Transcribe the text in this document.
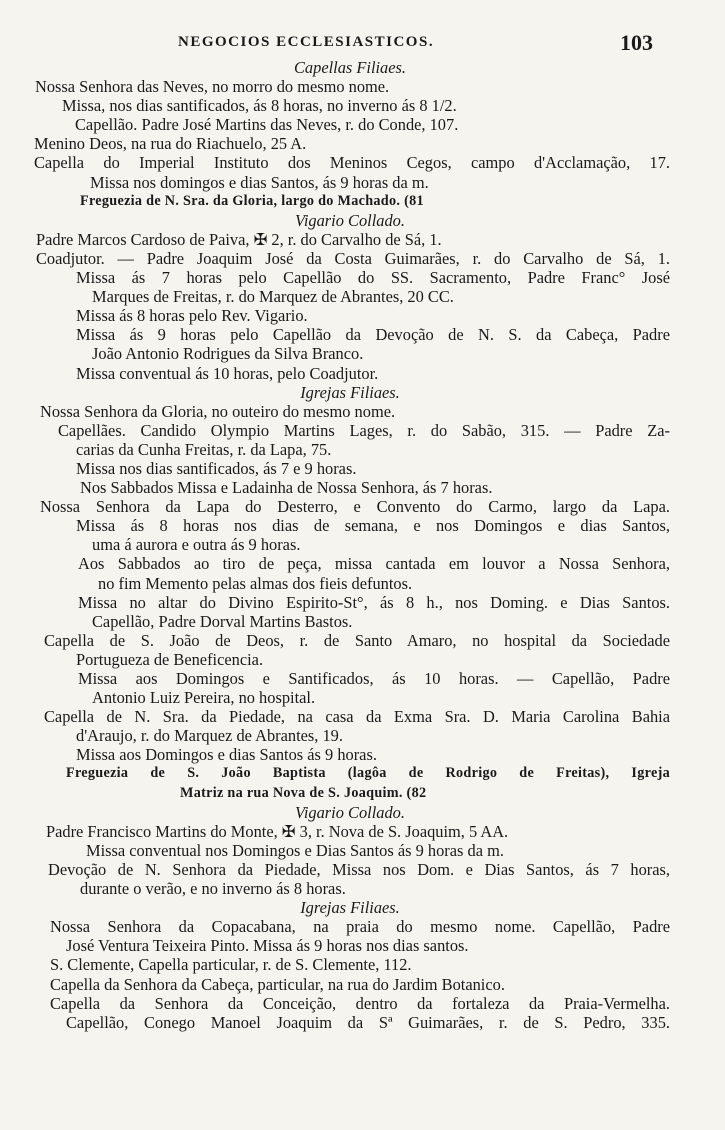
NEGOCIOS ECCLESIASTICOS.	103
Capellas Filiaes.
Nossa Senhora das Neves, no morro do mesmo nome.
Missa, nos dias santificados, ás 8 horas, no inverno ás 8 1/2.
Capellão. Padre José Martins das Neves, r. do Conde, 107.
Menino Deos, na rua do Riachuelo, 25 A.
Capella do Imperial Instituto dos Meninos Cegos, campo d'Acclamação, 17.
Missa nos domingos e dias Santos, ás 9 horas da m.
Freguezia de N. Sra. da Gloria, largo do Machado. (81
Vigario Collado.
Padre Marcos Cardoso de Paiva, ✠ 2, r. do Carvalho de Sá, 1.
Coadjutor. — Padre Joaquim José da Costa Guimarães, r. do Carvalho de Sá, 1.
Missa ás 7 horas pelo Capellão do SS. Sacramento, Padre Franc° José
Marques de Freitas, r. do Marquez de Abrantes, 20 CC.
Missa ás 8 horas pelo Rev. Vigario.
Missa ás 9 horas pelo Capellão da Devoção de N. S. da Cabeça, Padre
João Antonio Rodrigues da Silva Branco.
Missa conventual ás 10 horas, pelo Coadjutor.
Igrejas Filiaes.
Nossa Senhora da Gloria, no outeiro do mesmo nome.
Capellães. Candido Olympio Martins Lages, r. do Sabão, 315. — Padre Za-
carias da Cunha Freitas, r. da Lapa, 75.
Missa nos dias santificados, ás 7 e 9 horas.
Nos Sabbados Missa e Ladainha de Nossa Senhora, ás 7 horas.
Nossa Senhora da Lapa do Desterro, e Convento do Carmo, largo da Lapa.
Missa ás 8 horas nos dias de semana, e nos Domingos e dias Santos,
uma á aurora e outra ás 9 horas.
Aos Sabbados ao tiro de peça, missa cantada em louvor a Nossa Senhora,
no fim Memento pelas almas dos fieis defuntos.
Missa no altar do Divino Espirito-St°, ás 8 h., nos Doming. e Dias Santos.
Capellão, Padre Dorval Martins Bastos.
Capella de S. João de Deos, r. de Santo Amaro, no hospital da Sociedade
Portugueza de Beneficencia.
Missa aos Domingos e Santificados, ás 10 horas. — Capellão, Padre
Antonio Luiz Pereira, no hospital.
Capella de N. Sra. da Piedade, na casa da Exma Sra. D. Maria Carolina Bahia
d'Araujo, r. do Marquez de Abrantes, 19.
Missa aos Domingos e dias Santos ás 9 horas.
Freguezia de S. João Baptista (lagôa de Rodrigo de Freitas), Igreja
Matriz na rua Nova de S. Joaquim. (82
Vigario Collado.
Padre Francisco Martins do Monte, ✠ 3, r. Nova de S. Joaquim, 5 AA.
Missa conventual nos Domingos e Dias Santos ás 9 horas da m.
Devoção de N. Senhora da Piedade, Missa nos Dom. e Dias Santos, ás 7 horas,
durante o verão, e no inverno ás 8 horas.
Igrejas Filiaes.
Nossa Senhora da Copacabana, na praia do mesmo nome. Capellão, Padre
José Ventura Teixeira Pinto. Missa ás 9 horas nos dias santos.
S. Clemente, Capella particular, r. de S. Clemente, 112.
Capella da Senhora da Cabeça, particular, na rua do Jardim Botanico.
Capella da Senhora da Conceição, dentro da fortaleza da Praia-Vermelha.
Capellão, Conego Manoel Joaquim da Sª Guimarães, r. de S. Pedro, 335.
